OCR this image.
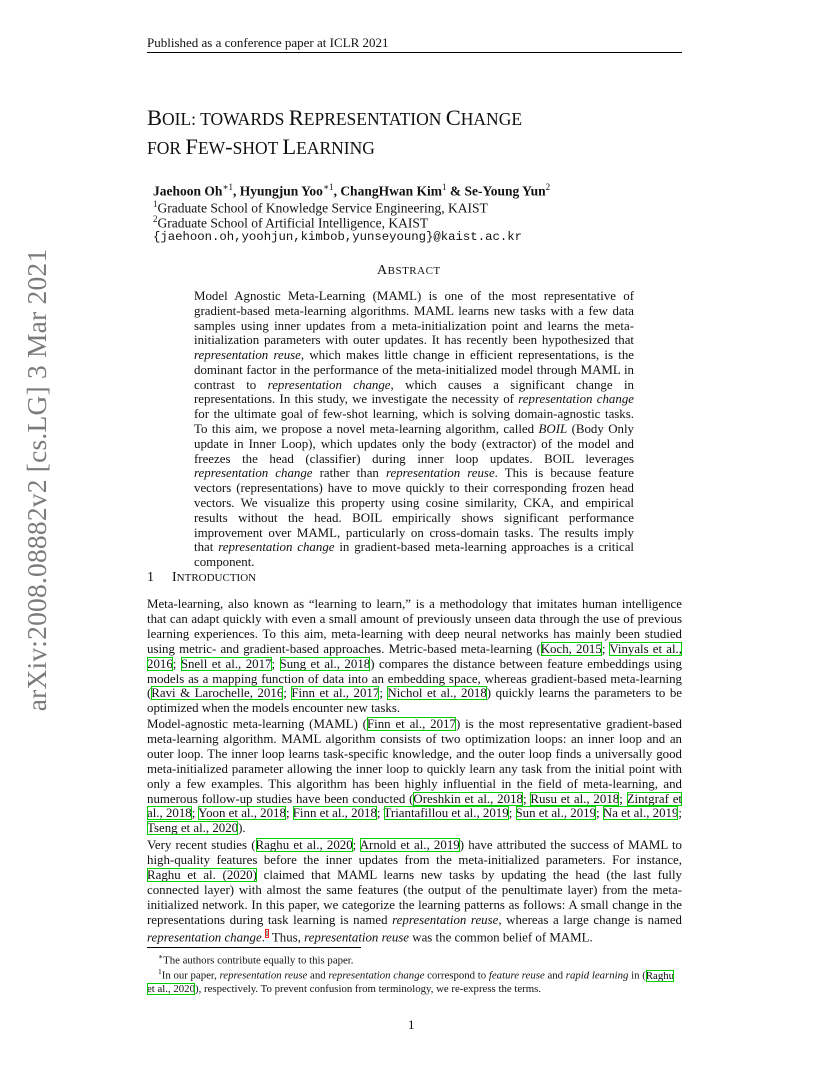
Published as a conference paper at ICLR 2021
arXiv:2008.08882v2 [cs.LG] 3 Mar 2021
BOIL: TOWARDS REPRESENTATION CHANGE
FOR FEW-SHOT LEARNING
Jaehoon $Oh^{∗1}$, Hyungjun Yoo$^{∗1}$, ChangHwan Kim$^1$ & Se-Young Yun$^2$
$^1$Graduate School of Knowledge Service Engineering, KAIST
$^2$Graduate School of Artificial Intelligence, KAIST
{jaehoon.oh,yoohjun,kimbob,yunseyoung}@kaist.ac.kr
ABSTRACT

Model Agnostic Meta-Learning (MAML) is one of the most representative of gradient-based meta-learning algorithms. MAML learns new tasks with a few data samples using inner updates from a meta-initialization point and learns the meta-initialization parameters with outer updates. It has recently been hypothesized that representation reuse, which makes little change in efficient representations, is the dominant factor in the performance of the meta-initialized model through MAML in contrast to representation change, which causes a significant change in representations. In this study, we investigate the necessity of representation change for the ultimate goal of few-shot learning, which is solving domain-agnostic tasks. To this aim, we propose a novel meta-learning algorithm, called BOIL (Body Only update in Inner Loop), which updates only the body (extractor) of the model and freezes the head (classifier) during inner loop updates. BOIL leverages representation change rather than representation reuse. This is because feature vectors (representations) have to move quickly to their corresponding frozen head vectors. We visualize this property using cosine similarity, CKA, and empirical results without the head. BOIL empirically shows significant performance improvement over MAML, particularly on cross-domain tasks. The results imply that representation change in gradient-based meta-learning approaches is a critical component.

1 INTRODUCTION

Meta-learning, also known as “learning to learn,” is a methodology that imitates human intelligence that can adapt quickly with even a small amount of previously unseen data through the use of previous learning experiences. To this aim, meta-learning with deep neural networks has mainly been studied using metric- and gradient-based approaches. Metric-based meta-learning (Koch, 2015; Vinyals et al., 2016; Snell et al., 2017; Sung et al., 2018) compares the distance between feature embeddings using models as a mapping function of data into an embedding space, whereas gradient-based meta-learning (Ravi & Larochelle, 2016; Finn et al., 2017; Nichol et al., 2018) quickly learns the parameters to be optimized when the models encounter new tasks.

Model-agnostic meta-learning (MAML) (Finn et al., 2017) is the most representative gradient-based meta-learning algorithm. MAML algorithm consists of two optimization loops: an inner loop and an outer loop. The inner loop learns task-specific knowledge, and the outer loop finds a universally good meta-initialized parameter allowing the inner loop to quickly learn any task from the initial point with only a few examples. This algorithm has been highly influential in the field of meta-learning, and numerous follow-up studies have been conducted (Oreshkin et al., 2018; Rusu et al., 2018; Zintgraf et al., 2018; Yoon et al., 2018; Finn et al., 2018; Triantafillou et al., 2019; Sun et al., 2019; Na et al., 2019; Tseng et al., 2020).

Very recent studies (Raghu et al., 2020; Arnold et al., 2019) have attributed the success of MAML to high-quality features before the inner updates from the meta-initialized parameters. For instance, Raghu et al. (2020) claimed that MAML learns new tasks by updating the head (the last fully connected layer) with almost the same features (the output of the penultimate layer) from the meta-initialized network. In this paper, we categorize the learning patterns as follows: A small change in the representations during task learning is named representation reuse, whereas a large change is named representation change.$^1$ Thus, representation reuse was the common belief of MAML.

∗The authors contribute equally to this paper.

$^1$In our paper, representation reuse and representation change correspond to feature reuse and rapid learning in (Raghu et al., 2020), respectively. To prevent confusion from terminology, we re-express the terms.

1
